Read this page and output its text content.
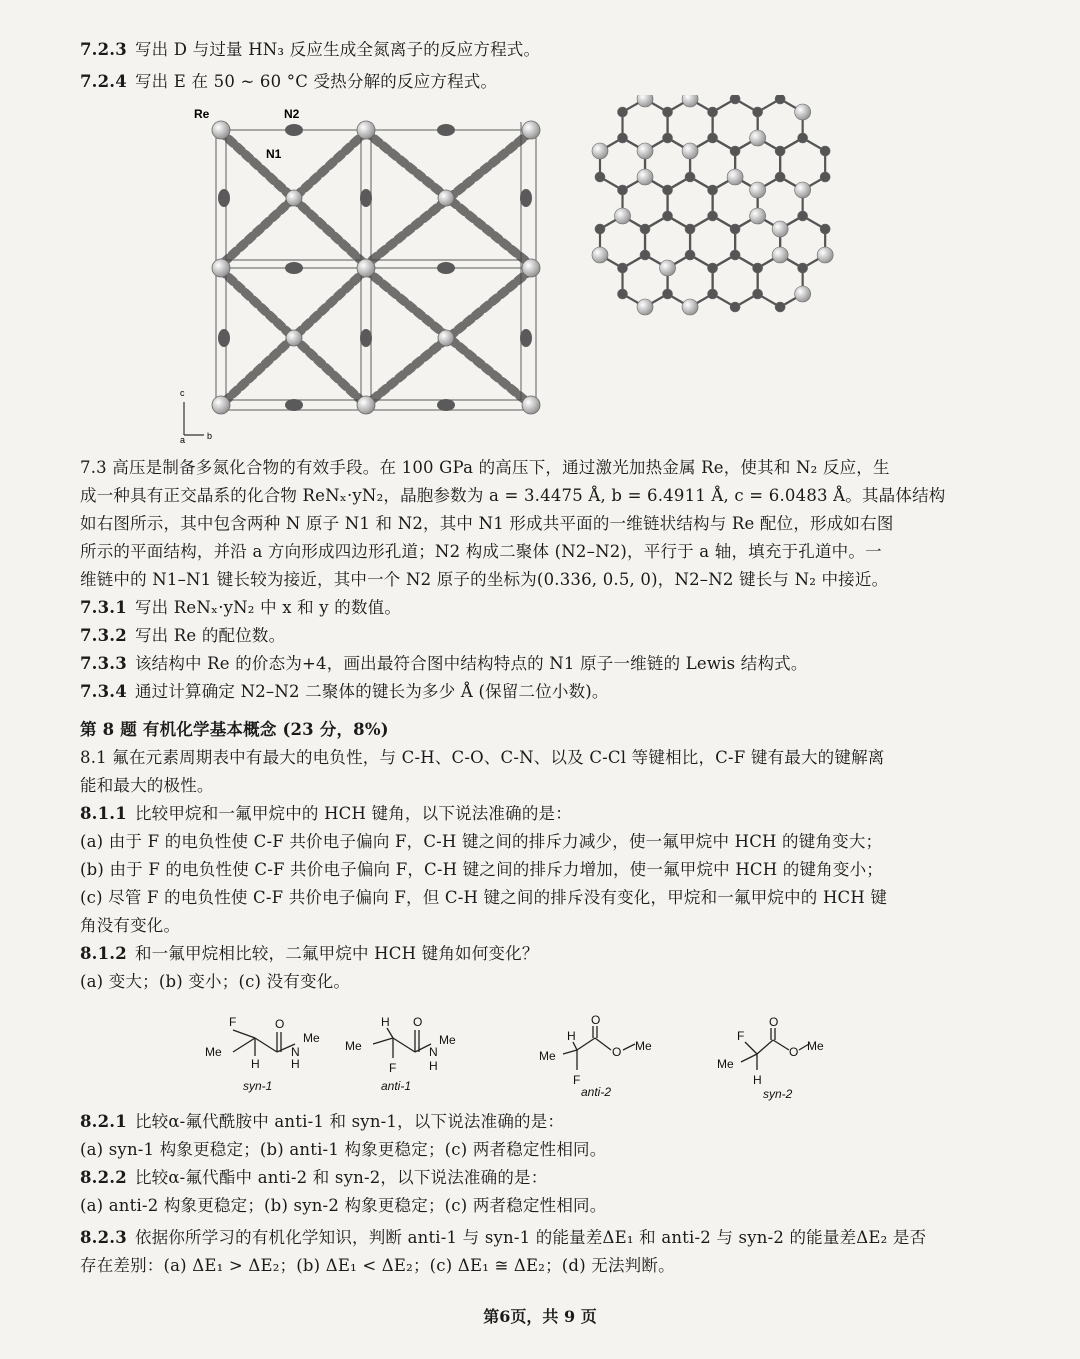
7.2.3 写出 D 与过量 HN₃ 反应生成全氮离子的反应方程式。
7.2.4 写出 E 在 50 ~ 60 °C 受热分解的反应方程式。
Re	N2
N1
c
a b
7.3 高压是制备多氮化合物的有效手段。在 100 GPa 的高压下，通过激光加热金属 Re，使其和 N₂ 反应，生
成一种具有正交晶系的化合物 ReNₓ·yN₂，晶胞参数为 a = 3.4475 Å, b = 6.4911 Å, c = 6.0483 Å。其晶体结构
如右图所示，其中包含两种 N 原子 N1 和 N2，其中 N1 形成共平面的一维链状结构与 Re 配位，形成如右图
所示的平面结构，并沿 a 方向形成四边形孔道；N2 构成二聚体 (N2–N2)，平行于 a 轴，填充于孔道中。一
维链中的 N1–N1 键长较为接近，其中一个 N2 原子的坐标为(0.336, 0.5, 0)，N2–N2 键长与 N₂ 中接近。
7.3.1 写出 ReNₓ·yN₂ 中 x 和 y 的数值。
7.3.2 写出 Re 的配位数。
7.3.3 该结构中 Re 的价态为+4，画出最符合图中结构特点的 N1 原子一维链的 Lewis 结构式。
7.3.4 通过计算确定 N2–N2 二聚体的键长为多少 Å (保留二位小数)。
第 8 题 有机化学基本概念 (23 分，8%)
8.1 氟在元素周期表中有最大的电负性，与 C-H、C-O、C-N、以及 C-Cl 等键相比，C-F 键有最大的键解离
能和最大的极性。
8.1.1 比较甲烷和一氟甲烷中的 HCH 键角，以下说法准确的是：
(a) 由于 F 的电负性使 C-F 共价电子偏向 F，C-H 键之间的排斥力减少，使一氟甲烷中 HCH 的键角变大；
(b) 由于 F 的电负性使 C-F 共价电子偏向 F，C-H 键之间的排斥力增加，使一氟甲烷中 HCH 的键角变小；
(c) 尽管 F 的电负性使 C-F 共价电子偏向 F，但 C-H 键之间的排斥没有变化，甲烷和一氟甲烷中的 HCH 键
角没有变化。
8.1.2 和一氟甲烷相比较，二氟甲烷中 HCH 键角如何变化？
(a) 变大；(b) 变小；(c) 没有变化。
F
Me
H
O
N
H
Me
H
Me
F
O
N
H
Me	H
Me
F
O
O Me
F
Me
H
O
O Me
syn-1	anti-1	anti-2	syn-2
8.2.1 比较α-氟代酰胺中 anti-1 和 syn-1，以下说法准确的是：
(a) syn-1 构象更稳定；(b) anti-1 构象更稳定；(c) 两者稳定性相同。
8.2.2 比较α-氟代酯中 anti-2 和 syn-2，以下说法准确的是：
(a) anti-2 构象更稳定；(b) syn-2 构象更稳定；(c) 两者稳定性相同。
8.2.3 依据你所学习的有机化学知识，判断 anti-1 与 syn-1 的能量差ΔE₁ 和 anti-2 与 syn-2 的能量差ΔE₂ 是否
存在差别：(a) ΔE₁ > ΔE₂；(b) ΔE₁ < ΔE₂；(c) ΔE₁ ≅ ΔE₂；(d) 无法判断。
第6页，共 9 页
